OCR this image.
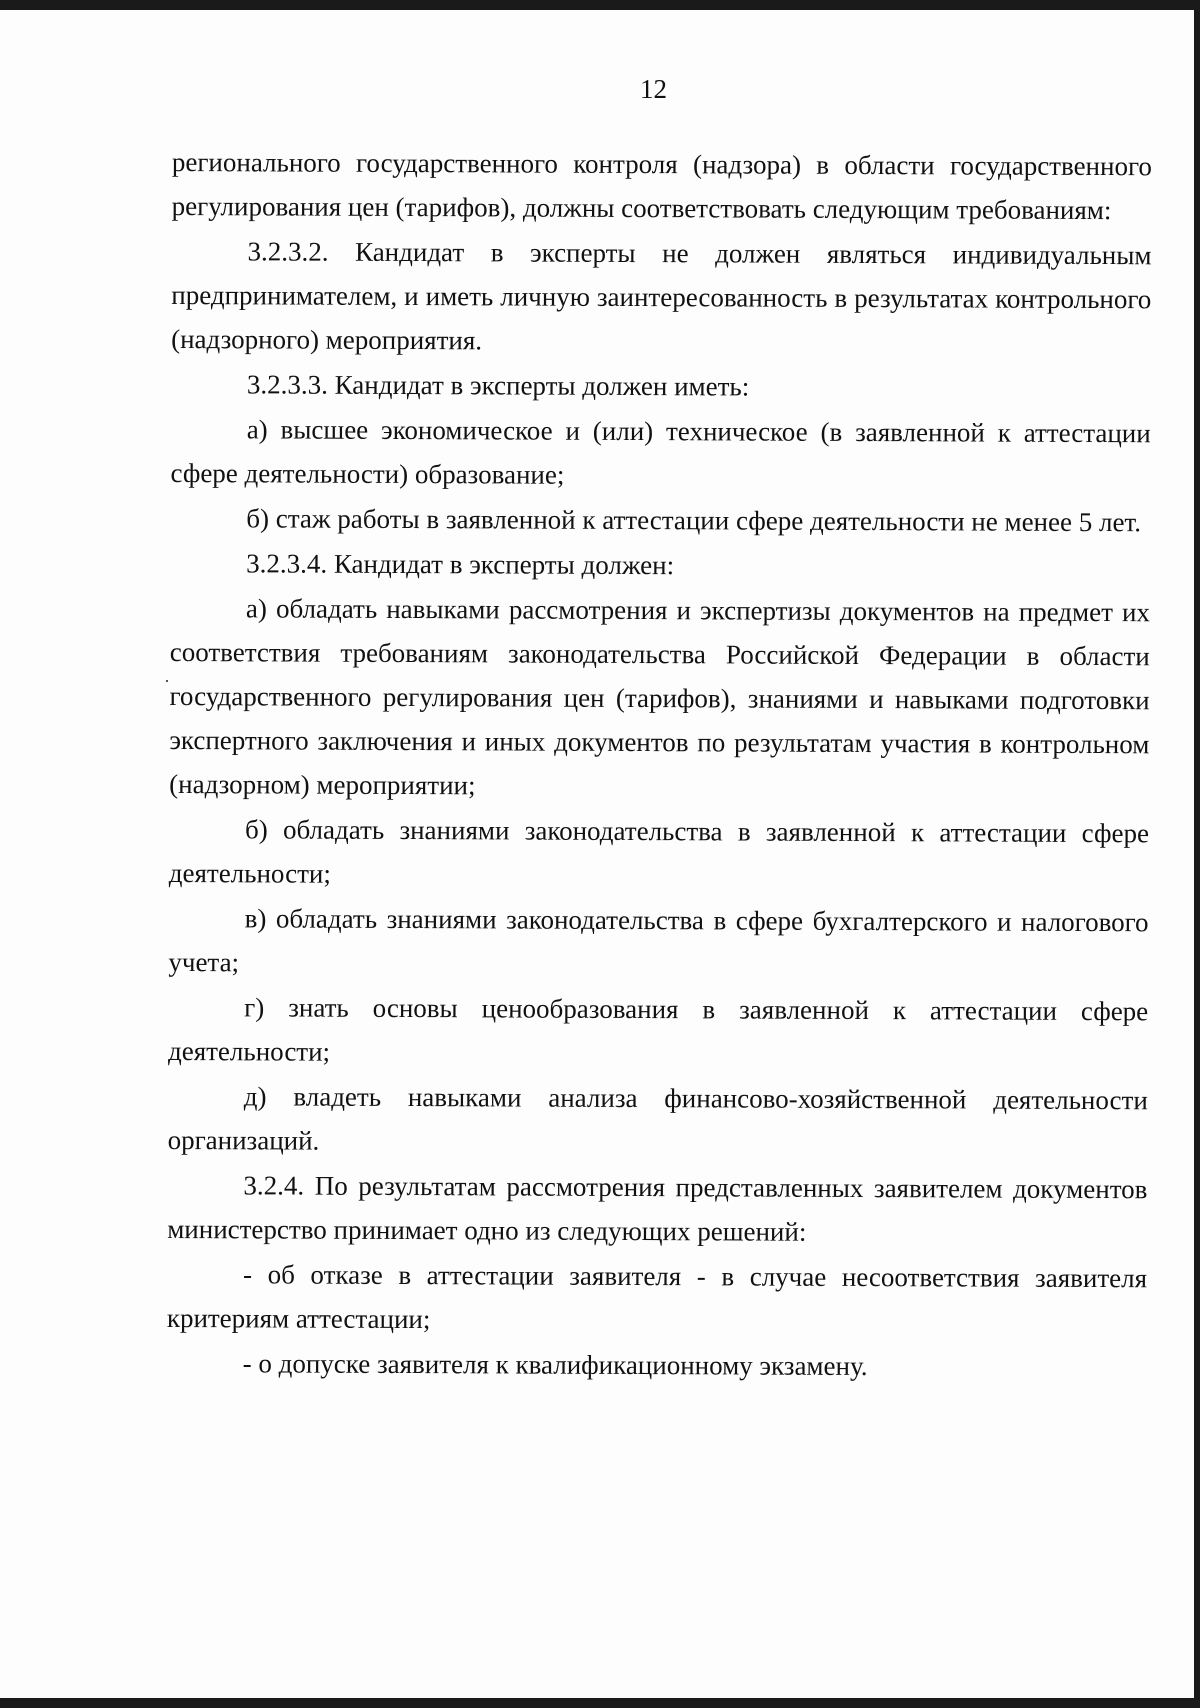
12

регионального государственного контроля (надзора) в области государственного регулирования цен (тарифов), должны соответствовать следующим требованиям:

3.2.3.2. Кандидат в эксперты не должен являться индивидуальным предпринимателем, и иметь личную заинтересованность в результатах контрольного (надзорного) мероприятия.

3.2.3.3. Кандидат в эксперты должен иметь:

а) высшее экономическое и (или) техническое (в заявленной к аттестации сфере деятельности) образование;

б) стаж работы в заявленной к аттестации сфере деятельности не менее 5 лет.

3.2.3.4. Кандидат в эксперты должен:

а) обладать навыками рассмотрения и экспертизы документов на предмет их соответствия требованиям законодательства Российской Федерации в области государственного регулирования цен (тарифов), знаниями и навыками подготовки экспертного заключения и иных документов по результатам участия в контрольном (надзорном) мероприятии;

б) обладать знаниями законодательства в заявленной к аттестации сфере деятельности;

в) обладать знаниями законодательства в сфере бухгалтерского и налогового учета;

г) знать основы ценообразования в заявленной к аттестации сфере деятельности;

д) владеть навыками анализа финансово-хозяйственной деятельности организаций.

3.2.4. По результатам рассмотрения представленных заявителем документов министерство принимает одно из следующих решений:

- об отказе в аттестации заявителя - в случае несоответствия заявителя критериям аттестации;

- о допуске заявителя к квалификационному экзамену.
